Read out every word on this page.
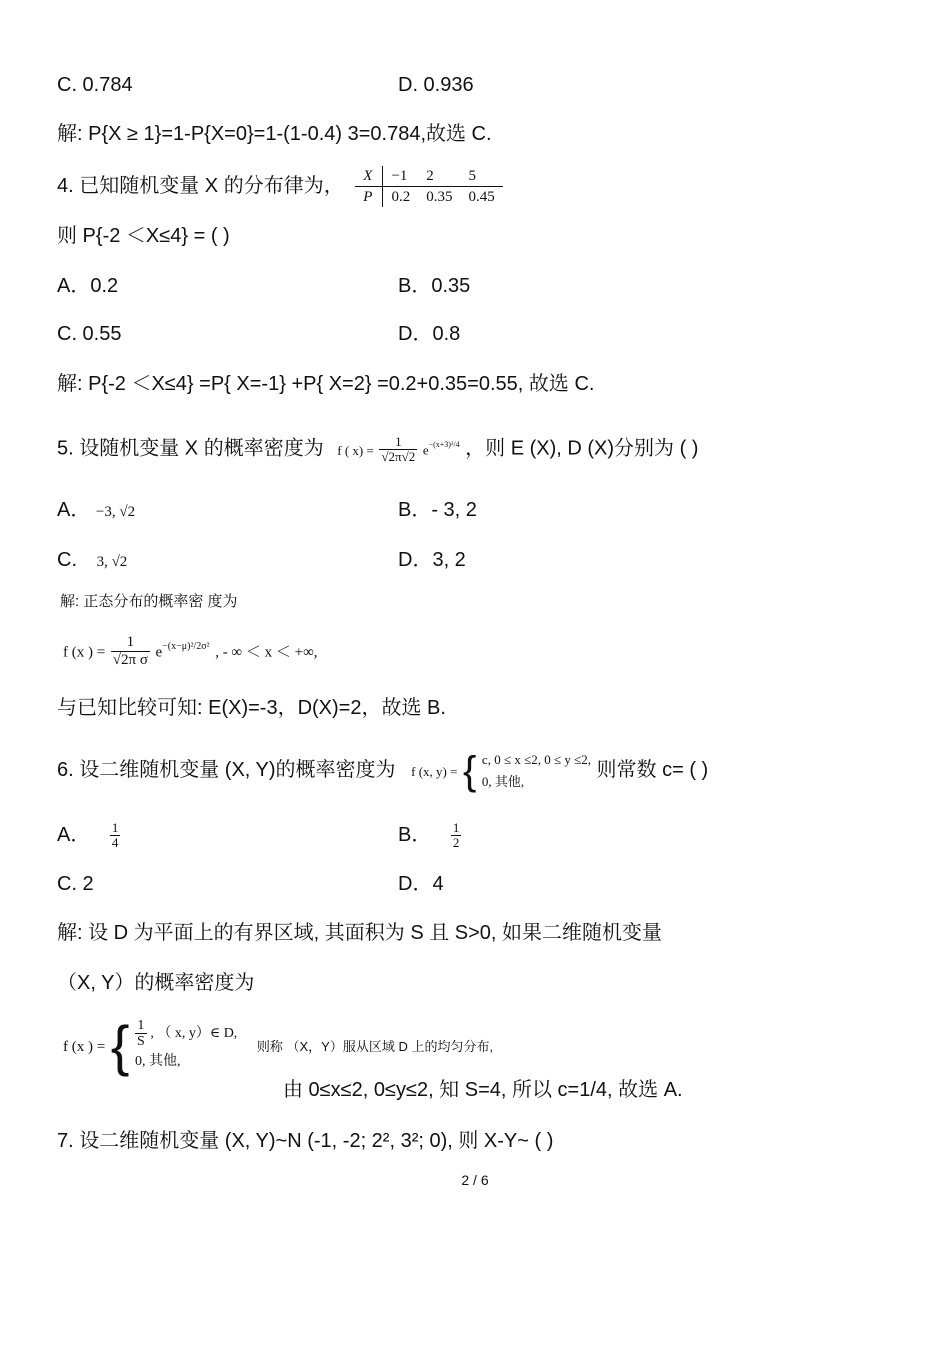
C. 0.784	D. 0.936
解: P{X ≥ 1}=1-P{X=0}=1-(1-0.4) 3=0.784,故选 C.
4. 已知随机变量 X 的分布律为， X	−1	2	5
P	0.2	0.35	0.45
则 P{-2 ＜X≤4} = ( )
A．0.2	B．0.35
C. 0.55	D．0.8
解: P{-2 ＜X≤4} =P{ X=-1} +P{ X=2} =0.2+0.35=0.55, 故选 C.
5. 设随机变量 X 的概率密度为 f ( $x) = \frac{1}{√2\pi√2} e^{-(x+3)^2/4}$ ，则 E (X), D (X)分别为 ( )
A． −3, √2	B．- 3, 2
C. 3, √2	D．3, 2
解: 正态分布的概率密 度为
f (x ) = $\frac{1}{\text{√2π σ}} e^{-(x-\mu)^2/2\sigma^2}$ , - ∞ ＜ x ＜ +∞,
与已知比较可知: E(X)=-3，D(X)=2，故选 B.
6. 设二维随机变量 (X, Y)的概率密度为 f (x, y) = { c, 0 ≤ x ≤2, 0 ≤ y ≤2,
0, 其他,
则常数 c= ( )
A． $\frac{1}{4}$	B． $\frac{1}{2}$
C. 2	D．4
解: 设 D 为平面上的有界区域, 其面积为 S 且 S>0, 如果二维随机变量
（X, Y）的概率密度为
f (x ) = { $\frac{1}{S}$ , （ x, y）∈ D,
0, 其他,
则称 （X，Y）服从区域 D 上的均匀分布,
由 0≤x≤2, 0≤y≤2, 知 S=4, 所以 c=1/4, 故选 A.
7. 设二维随机变量 (X, Y)~N (-1, -2; 2², 3²; 0), 则 X-Y~ ( )
2 / 6
